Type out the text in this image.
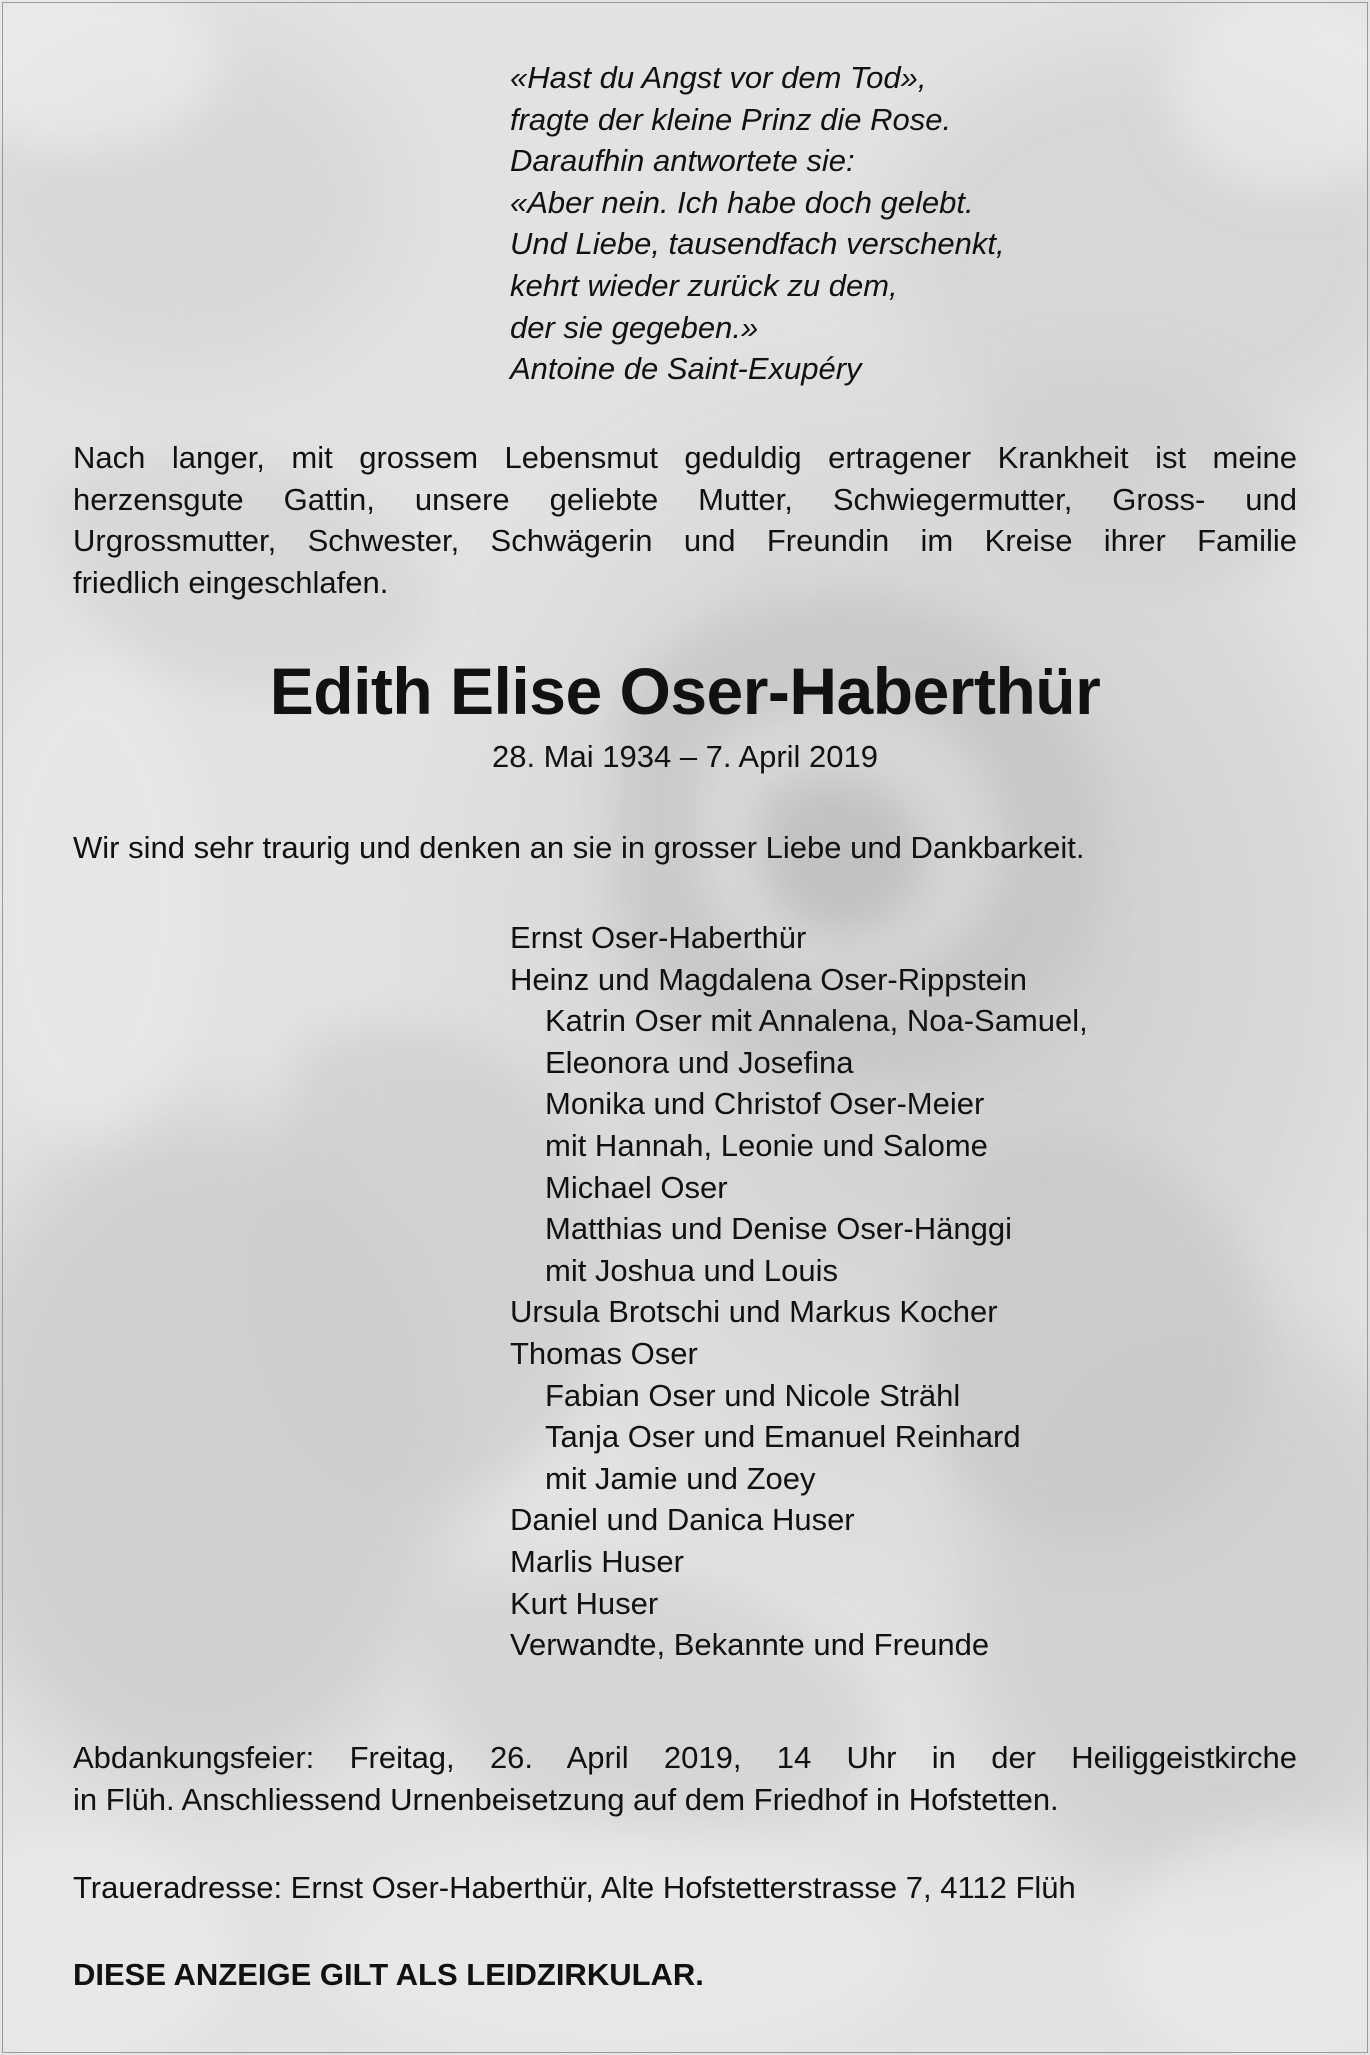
«Hast du Angst vor dem Tod»,
fragte der kleine Prinz die Rose.
Daraufhin antwortete sie:
«Aber nein. Ich habe doch gelebt.
Und Liebe, tausendfach verschenkt,
kehrt wieder zurück zu dem,
der sie gegeben.»
Antoine de Saint-Exupéry
Nach langer, mit grossem Lebensmut geduldig ertragener Krankheit ist meine
herzensgute Gattin, unsere geliebte Mutter, Schwiegermutter, Gross- und
Urgrossmutter, Schwester, Schwägerin und Freundin im Kreise ihrer Familie
friedlich eingeschlafen.
Edith Elise Oser-Haberthür
28. Mai 1934 – 7. April 2019
Wir sind sehr traurig und denken an sie in grosser Liebe und Dankbarkeit.
Ernst Oser-Haberthür
Heinz und Magdalena Oser-Rippstein
Katrin Oser mit Annalena, Noa-Samuel,
Eleonora und Josefina
Monika und Christof Oser-Meier
mit Hannah, Leonie und Salome
Michael Oser
Matthias und Denise Oser-Hänggi
mit Joshua und Louis
Ursula Brotschi und Markus Kocher
Thomas Oser
Fabian Oser und Nicole Strähl
Tanja Oser und Emanuel Reinhard
mit Jamie und Zoey
Daniel und Danica Huser
Marlis Huser
Kurt Huser
Verwandte, Bekannte und Freunde
Abdankungsfeier: Freitag, 26. April 2019, 14 Uhr in der Heiliggeistkirche
in Flüh. Anschliessend Urnenbeisetzung auf dem Friedhof in Hofstetten.
Traueradresse: Ernst Oser-Haberthür, Alte Hofstetterstrasse 7, 4112 Flüh
DIESE ANZEIGE GILT ALS LEIDZIRKULAR.
